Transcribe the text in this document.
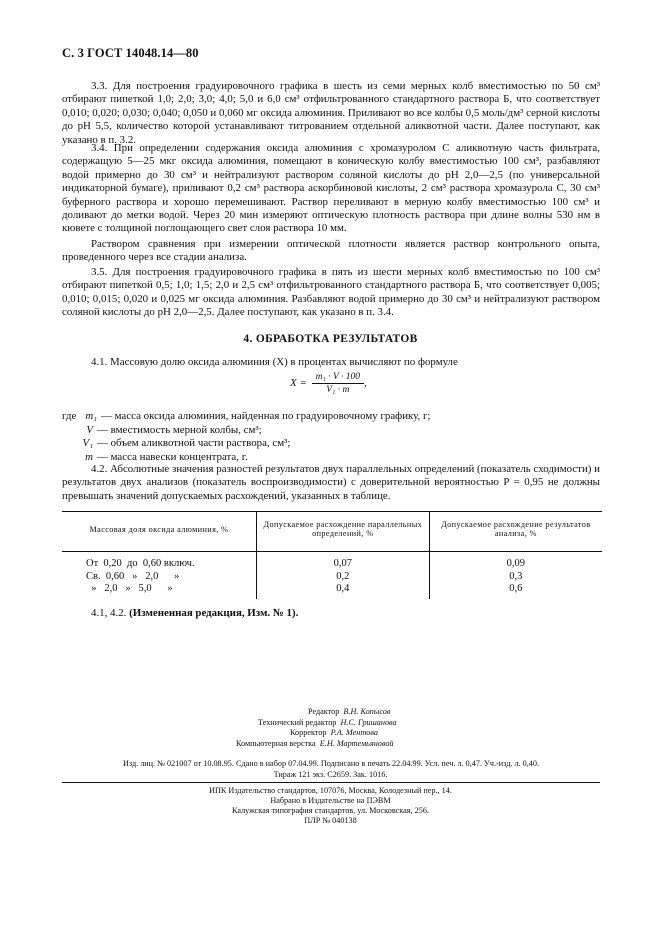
С. 3 ГОСТ 14048.14—80
3.3. Для построения градуировочного графика в шесть из семи мерных колб вместимостью по 50 см³ отбирают пипеткой 1,0; 2,0; 3,0; 4,0; 5,0 и 6,0 см³ отфильтрованного стандартного раствора Б, что соответствует 0,010; 0,020; 0,030; 0,040; 0,050 и 0,060 мг оксида алюминия. Приливают во все колбы 0,5 моль/дм³ серной кислоты до рН 5,5, количество которой устанавливают титрованием отдельной аликвотной части. Далее поступают, как указано в п. 3.2.
3.4. При определении содержания оксида алюминия с хромазуролом С аликвотную часть фильтрата, содержащую 5—25 мкг оксида алюминия, помещают в коническую колбу вместимостью 100 см³, разбавляют водой примерно до 30 см³ и нейтрализуют раствором соляной кислоты до рН 2,0—2,5 (по универсальной индикаторной бумаге), приливают 0,2 см³ раствора аскорбиновой кислоты, 2 см³ раствора хромазурола С, 30 см³ буферного раствора и хорошо перемешивают. Раствор переливают в мерную колбу вместимостью 100 см³ и доливают до метки водой. Через 20 мин измеряют оптическую плотность раствора при длине волны 530 нм в кювете с толщиной поглощающего свет слоя раствора 10 мм.
Раствором сравнения при измерении оптической плотности является раствор контрольного опыта, проведенного через все стадии анализа.
3.5. Для построения градуировочного графика в пять из шести мерных колб вместимостью по 100 см³ отбирают пипеткой 0,5; 1,0; 1,5; 2,0 и 2,5 см³ отфильтрованного стандартного раствора Б, что соответствует 0,005; 0,010; 0,015; 0,020 и 0,025 мг оксида алюминия. Разбавляют водой примерно до 30 см³ и нейтрализуют раствором соляной кислоты до рН 2,0—2,5. Далее поступают, как указано в п. 3.4.
4. ОБРАБОТКА РЕЗУЛЬТАТОВ
4.1. Массовую долю оксида алюминия (X) в процентах вычисляют по формуле
$X = \frac{\text{m₁ · V · 100}}{\text{V₁ · m}}$ ,
где m₁ — масса оксида алюминия, найденная по градуировочному графику, г;
V — вместимость мерной колбы, см³;
V₁ — объем аликвотной части раствора, см³;
m — масса навески концентрата, г.
4.2. Абсолютные значения разностей результатов двух параллельных определений (показатель сходимости) и результатов двух анализов (показатель воспроизводимости) с доверительной вероятностью P = 0,95 не должны превышать значений допускаемых расхождений, указанных в таблице.
Массовая доля оксида алюминия, %	Допускаемое расхождение параллельных определений, %	Допускаемое расхождение результатов анализа, %
От  0,20  до  0,60 включ.	0,07	0,09
Св.  0,60   »   2,0      »	0,2	0,3
»   2,0   »   5,0      »	0,4	0,6
4.1, 4.2. (Измененная редакция, Изм. № 1).
Редактор В.Н. Копысов
Технический редактор Н.С. Гришанова
Корректор Р.А. Ментова
Компьютерная верстка Е.Н. Мартемьяновой
Изд. лиц. № 021007 от 10.08.95. Сдано в набор 07.04.99. Подписано в печать 22.04.99. Усл. печ. л. 0,47. Уч.-изд. л. 0,40.
Тираж 121 экз. С2659. Зак. 1016.
ИПК Издательство стандартов, 107076, Москва, Колодезный пер., 14.
Набрано в Издательстве на ПЭВМ
Калужская типография стандартов, ул. Московская, 256.
ПЛР № 040138
